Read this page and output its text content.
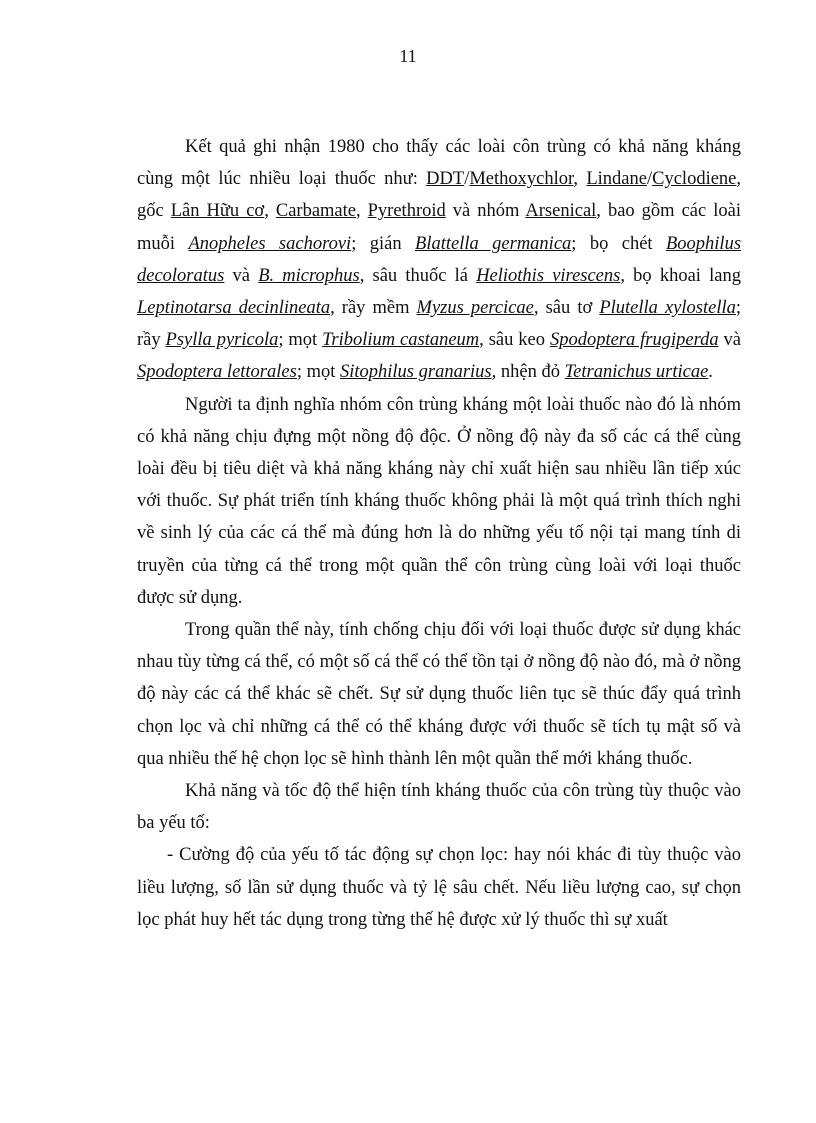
11

Kết quả ghi nhận 1980 cho thấy các loài côn trùng có khả năng kháng cùng một lúc nhiều loại thuốc như: DDT/Methoxychlor, Lindane/Cyclodiene, gốc Lân Hữu cơ, Carbamate, Pyrethroid và nhóm Arsenical, bao gồm các loài muỗi Anopheles sachorovi; gián Blattella germanica; bọ chét Boophilus decoloratus và B. microphus, sâu thuốc lá Heliothis virescens, bọ khoai lang Leptinotarsa decinlineata, rầy mềm Myzus percicae, sâu tơ Plutella xylostella; rầy Psylla pyricola; mọt Tribolium castaneum, sâu keo Spodoptera frugiperda và Spodoptera lettorales; mọt Sitophilus granarius, nhện đỏ Tetranichus urticae.

Người ta định nghĩa nhóm côn trùng kháng một loài thuốc nào đó là nhóm có khả năng chịu đựng một nồng độ độc. Ở nồng độ này đa số các cá thể cùng loài đều bị tiêu diệt và khả năng kháng này chỉ xuất hiện sau nhiều lần tiếp xúc với thuốc. Sự phát triển tính kháng thuốc không phải là một quá trình thích nghi về sinh lý của các cá thể mà đúng hơn là do những yếu tố nội tại mang tính di truyền của từng cá thể trong một quần thể côn trùng cùng loài với loại thuốc được sử dụng.

Trong quần thể này, tính chống chịu đối với loại thuốc được sử dụng khác nhau tùy từng cá thể, có một số cá thể có thể tồn tại ở nồng độ nào đó, mà ở nồng độ này các cá thể khác sẽ chết. Sự sử dụng thuốc liên tục sẽ thúc đẩy quá trình chọn lọc và chỉ những cá thể có thể kháng được với thuốc sẽ tích tụ mật số và qua nhiều thế hệ chọn lọc sẽ hình thành lên một quần thể mới kháng thuốc.

Khả năng và tốc độ thể hiện tính kháng thuốc của côn trùng tùy thuộc vào ba yếu tố:

- Cường độ của yếu tố tác động sự chọn lọc: hay nói khác đi tùy thuộc vào liều lượng, số lần sử dụng thuốc và tỷ lệ sâu chết. Nếu liều lượng cao, sự chọn lọc phát huy hết tác dụng trong từng thế hệ được xử lý thuốc thì sự xuất
